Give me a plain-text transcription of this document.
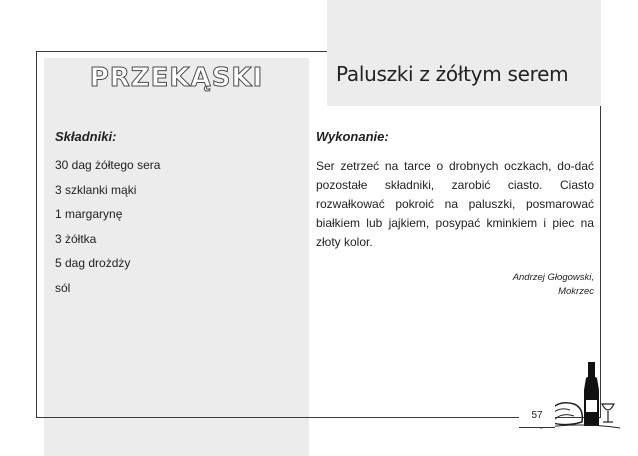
PRZEKĄSKI	Paluszki z żółtym serem
Składniki:
30 dag żółtego sera
3 szklanki mąki
1 margarynę
3 żółtka
5 dag drożdży
sól
Wykonanie:

Ser zetrzeć na tarce o drobnych oczkach, do-dać pozostałe składniki, zarobić ciasto. Ciasto rozwałkować pokroić na paluszki, posmarować białkiem lub jajkiem, posypać kminkiem i piec na złoty kolor.

Andrzej Głogowski,
Mokrzec
57
